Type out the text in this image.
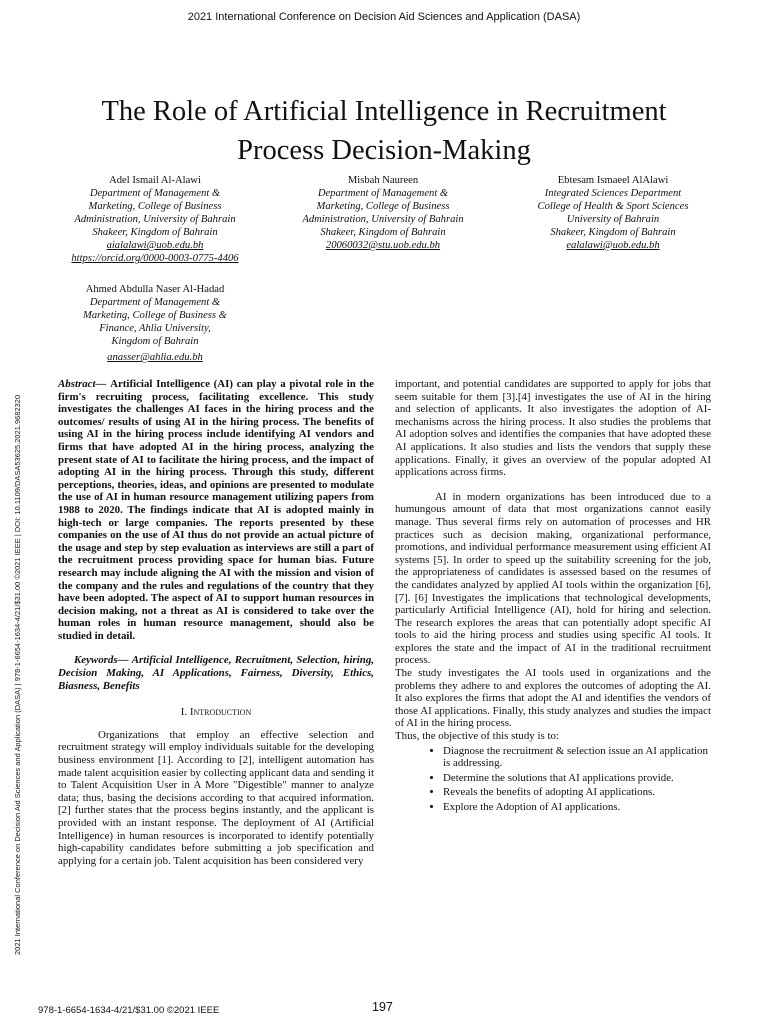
2021 International Conference on Decision Aid Sciences and Application (DASA)
The Role of Artificial Intelligence in Recruitment
Process Decision-Making
Adel Ismail Al-Alawi
Department of Management &
Marketing, College of Business
Administration, University of Bahrain
Shakeer, Kingdom of Bahrain
aialalawi@uob.edu.bh
https://orcid.org/0000-0003-0775-4406
Misbah Naureen
Department of Management &
Marketing, College of Business
Administration, University of Bahrain
Shakeer, Kingdom of Bahrain
20060032@stu.uob.edu.bh
Ebtesam Ismaeel AlAlawi
Integrated Sciences Department
College of Health & Sport Sciences
University of Bahrain
Shakeer, Kingdom of Bahrain
ealalawi@uob.edu.bh
Ahmed Abdulla Naser Al-Hadad
Department of Management &
Marketing, College of Business &
Finance, Ahlia University,
Kingdom of Bahrain
anasser@ahlia.edu.bh
2021 International Conference on Decision Aid Sciences and Application (DASA) | 978-1-6654-1634-4/21/$31.00 ©2021 IEEE | DOI: 10.1109/DASA53625.2021.9682320

Abstract— Artificial Intelligence (AI) can play a pivotal role in the firm's recruiting process, facilitating excellence. This study investigates the challenges AI faces in the hiring process and the outcomes/ results of using AI in the hiring process. The benefits of using AI in the hiring process include identifying AI vendors and firms that have adopted AI in the hiring process, analyzing the present state of AI to facilitate the hiring process, and the impact of adopting AI in the hiring process. Through this study, different perceptions, theories, ideas, and opinions are presented to modulate the use of AI in human resource management utilizing papers from 1988 to 2020. The findings indicate that AI is adopted mainly in high-tech or large companies. The reports presented by these companies on the use of AI thus do not provide an actual picture of the usage and step by step evaluation as interviews are still a part of the recruitment process providing space for human bias. Future research may include aligning the AI with the mission and vision of the company and the rules and regulations of the country that they have been adopted. The aspect of AI to support human resources in decision making, not a threat as AI is considered to take over the human roles in human resource management, should also be studied in detail.

Keywords— Artificial Intelligence, Recruitment, Selection, hiring, Decision Making, AI Applications, Fairness, Diversity, Ethics, Biasness, Benefits

I. Introduction

Organizations that employ an effective selection and recruitment strategy will employ individuals suitable for the developing business environment [1]. According to [2], intelligent automation has made talent acquisition easier by collecting applicant data and sending it to Talent Acquisition User in A More "Digestible" manner to analyze data; thus, basing the decisions according to that acquired information. [2] further states that the process begins instantly, and the applicant is provided with an instant response. The deployment of AI (Artificial Intelligence) in human resources is incorporated to identify potentially high-capability candidates before submitting a job specification and applying for a certain job. Talent acquisition has been considered very

important, and potential candidates are supported to apply for jobs that seem suitable for them [3].[4] investigates the use of AI in the hiring and selection of applicants. It also investigates the adoption of AI- mechanisms across the hiring process. It also studies the problems that AI adoption solves and identifies the companies that have adopted these AI applications. It also studies and lists the vendors that supply these applications. Finally, it gives an overview of the popular adopted AI applications across firms.

AI in modern organizations has been introduced due to a humungous amount of data that most organizations cannot easily manage. Thus several firms rely on automation of processes and HR practices such as decision making, organizational performance, promotions, and individual performance measurement using efficient AI systems [5]. In order to speed up the suitability screening for the job, the appropriateness of candidates is assessed based on the resumes of the candidates analyzed by applied AI tools within the organization [6], [7]. [6] Investigates the implications that technological developments, particularly Artificial Intelligence (AI), hold for hiring and selection. The research explores the areas that can potentially adopt specific AI tools to aid the hiring process and studies using specific AI tools. It explores the state and the impact of AI in the traditional recruitment process.

The study investigates the AI tools used in organizations and the problems they adhere to and explores the outcomes of adopting the AI. It also explores the firms that adopt the AI and identifies the vendors of those AI applications. Finally, this study analyzes and studies the impact of AI in the hiring process.

Thus, the objective of this study is to:

• Diagnose the recruitment & selection issue an AI application is addressing.
• Determine the solutions that AI applications provide.
• Reveals the benefits of adopting AI applications.
• Explore the Adoption of AI applications.
978-1-6654-1634-4/21/$31.00 ©2021 IEEE	197
